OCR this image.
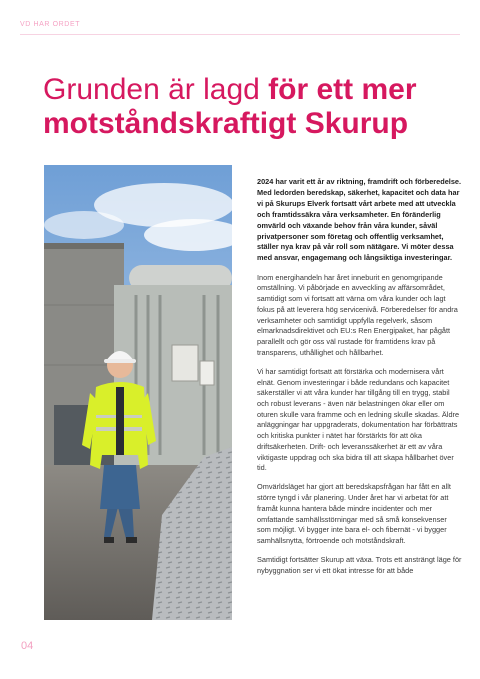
VD HAR ORDET
Grunden är lagd för ett mer
motståndskraftigt Skurup

2024 har varit ett år av riktning, framdrift och förberedelse. Med ledorden beredskap, säkerhet, kapacitet och data har vi på Skurups Elverk fortsatt vårt arbete med att utveckla och framtidssäkra våra verksamheter. En föränderlig omvärld och växande behov från våra kunder, såväl privatpersoner som företag och offentlig verksamhet, ställer nya krav på vår roll som nätägare. Vi möter dessa med ansvar, engagemang och långsiktiga investeringar.

Inom energihandeln har året inneburit en genomgripande omställning. Vi påbörjade en avveckling av affärsområdet, samtidigt som vi fortsatt att värna om våra kunder och lagt fokus på att leverera hög servicenivå. Förberedelser för andra verksamheter och samtidigt uppfylla regelverk, såsom elmarknadsdirektivet och EU:s Ren Energipaket, har pågått parallellt och gör oss väl rustade för framtidens krav på transparens, uthållighet och hållbarhet.

Vi har samtidigt fortsatt att förstärka och modernisera vårt elnät. Genom investeringar i både redundans och kapacitet säkerställer vi att våra kunder har tillgång till en trygg, stabil och robust leverans - även när belastningen ökar eller om oturen skulle vara framme och en ledning skulle skadas. Äldre anläggningar har uppgraderats, dokumentation har förbättrats och kritiska punkter i nätet har förstärkts för att öka driftsäkerheten. Drift- och leveranssäkerhet är ett av våra viktigaste uppdrag och ska bidra till att skapa hållbarhet över tid.

Omvärldsläget har gjort att beredskapsfrågan har fått en allt större tyngd i vår planering. Under året har vi arbetat för att framåt kunna hantera både mindre incidenter och mer omfattande samhällsstörningar med så små konsekvenser som möjligt. Vi bygger inte bara el- och fibernät - vi bygger samhällsnytta, förtroende och motståndskraft.

Samtidigt fortsätter Skurup att växa. Trots ett ansträngt läge för nybyggnation ser vi ett ökat intresse för att både

04
